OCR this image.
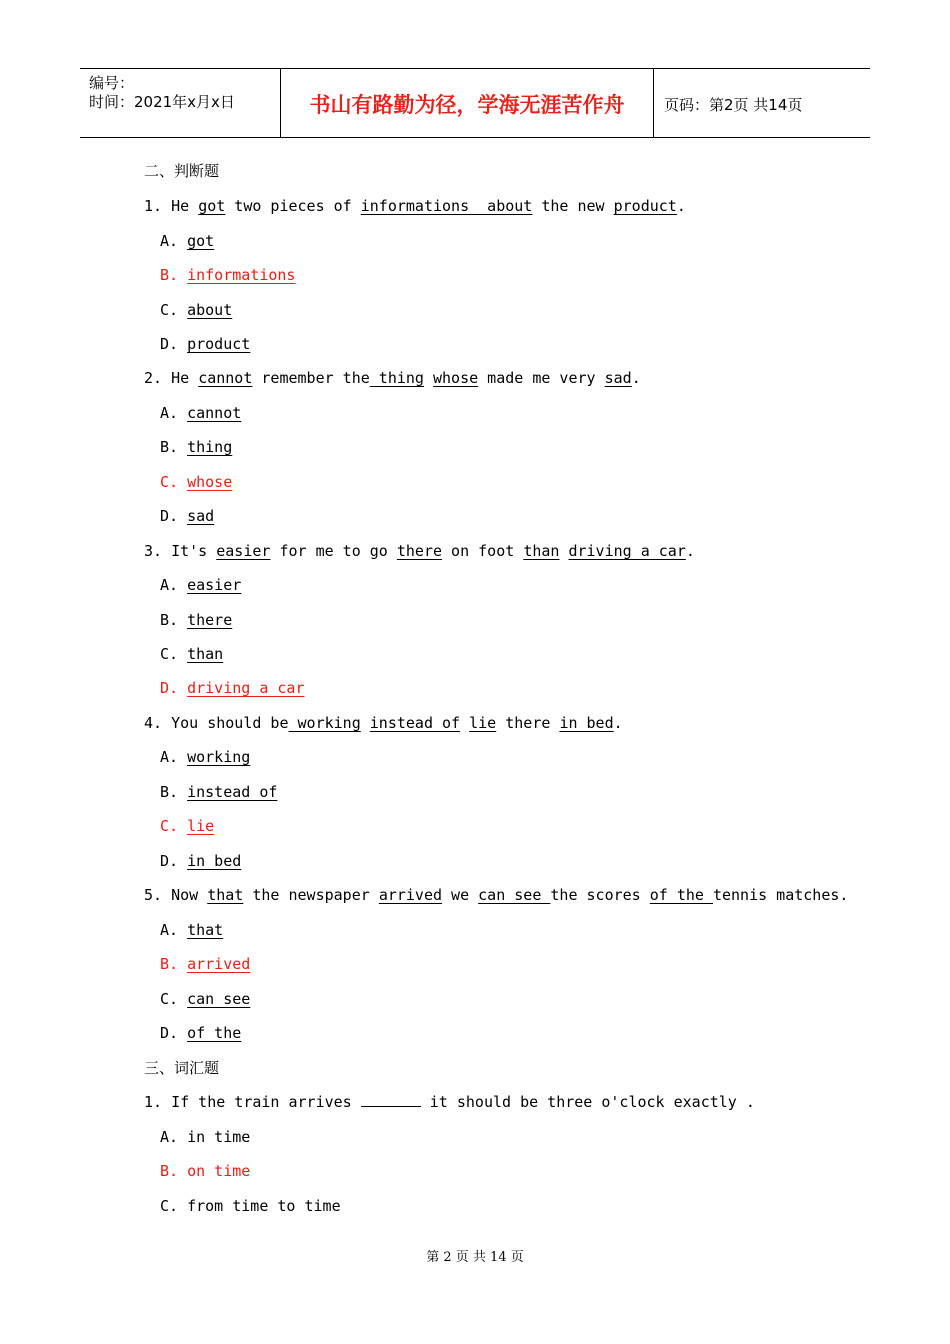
编号：
时间：2021年x月x日	书山有路勤为径，学海无涯苦作舟	页码：第2页 共14页
二、判断题
1. He got two pieces of informations  about the new product.
A. got
B. informations
C. about
D. product
2. He cannot remember the thing whose made me very sad.
A. cannot
B. thing
C. whose
D. sad
3. It's easier for me to go there on foot than driving a car.
A. easier
B. there
C. than
D. driving a car
4. You should be working instead of lie there in bed.
A. working
B. instead of
C. lie
D. in bed
5. Now that the newspaper arrived we can see the scores of the tennis matches.
A. that
B. arrived
C. can see
D. of the
三、词汇题
1. If the train arrives	it should be three o'clock exactly .
A. in time
B. on time
C. from time to time
第 2 页 共 14 页
